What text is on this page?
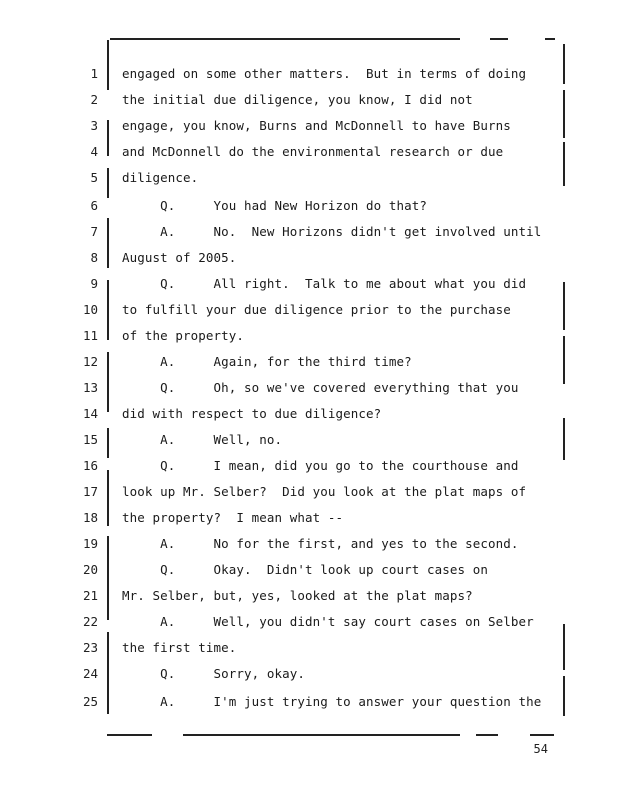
1 engaged on some other matters.  But in terms of doing
2 the initial due diligence, you know, I did not
3 engage, you know, Burns and McDonnell to have Burns
4 and McDonnell do the environmental research or due
5 diligence.
6 Q.     You had New Horizon do that?
7 A.     No.  New Horizons didn't get involved until
8 August of 2005.
9 Q.     All right.  Talk to me about what you did
10 to fulfill your due diligence prior to the purchase
11 of the property.
12 A.     Again, for the third time?
13 Q.     Oh, so we've covered everything that you
14 did with respect to due diligence?
15 A.     Well, no.
16 Q.     I mean, did you go to the courthouse and
17 look up Mr. Selber?  Did you look at the plat maps of
18 the property?  I mean what --
19 A.     No for the first, and yes to the second.
20 Q.     Okay.  Didn't look up court cases on
21 Mr. Selber, but, yes, looked at the plat maps?
22 A.     Well, you didn't say court cases on Selber
23 the first time.
24 Q.     Sorry, okay.
25 A.     I'm just trying to answer your question the
54
